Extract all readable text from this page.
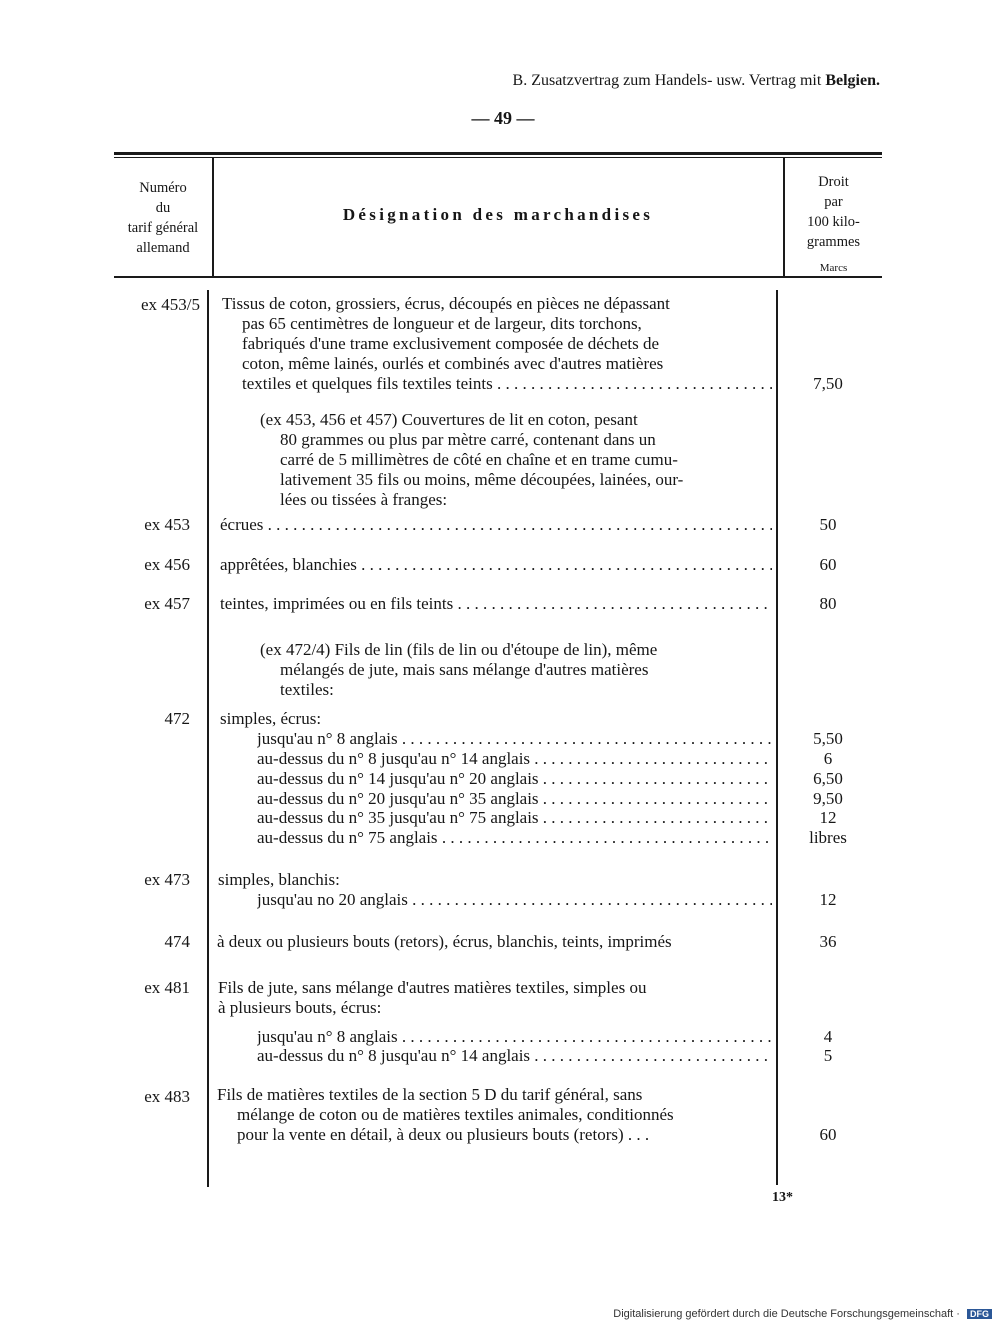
B. Zusatzvertrag zum Handels- usw. Vertrag mit Belgien.
— 49 —
Numéro
du
tarif général
allemand
Désignation des marchandises
Droit
par
100 kilo-
grammes
Marcs
ex 453/5 Tissus de coton, grossiers, écrus, découpés en pièces ne dépassant
pas 65 centimètres de longueur et de largeur, dits torchons,
fabriqués d'une trame exclusivement composée de déchets de
coton, même lainés, ourlés et combinés avec d'autres matières
textiles et quelques fils textiles teints . . .	7,50
(ex 453, 456 et 457) Couvertures de lit en coton, pesant
80 grammes ou plus par mètre carré, contenant dans un
carré de 5 millimètres de côté en chaîne et en trame cumu-
lativement 35 fils ou moins, même découpées, lainées, our-
lées ou tissées à franges:
ex 453 écrues . . .	50
ex 456 apprêtées, blanchies . . .	60
ex 457 teintes, imprimées ou en fils teints . . .	80
(ex 472/4) Fils de lin (fils de lin ou d'étoupe de lin), même
mélangés de jute, mais sans mélange d'autres matières
textiles:
472 simples, écrus:
jusqu'au n° 8 anglais . . .	5,50
au-dessus du n° 8 jusqu'au n° 14 anglais . . .	6
au-dessus du n° 14 jusqu'au n° 20 anglais . . .	6,50
au-dessus du n° 20 jusqu'au n° 35 anglais . . .	9,50
au-dessus du n° 35 jusqu'au n° 75 anglais . . .	12
au-dessus du n° 75 anglais . . .	libres
ex 473 simples, blanchis:
jusqu'au no 20 anglais . . .	12
474 à deux ou plusieurs bouts (retors), écrus, blanchis, teints, imprimés	36
ex 481 Fils de jute, sans mélange d'autres matières textiles, simples ou
à plusieurs bouts, écrus:
jusqu'au n° 8 anglais . . .	4
au-dessus du n° 8 jusqu'au n° 14 anglais . . .	5
ex 483 Fils de matières textiles de la section 5 D du tarif général, sans
mélange de coton ou de matières textiles animales, conditionnés
pour la vente en détail, à deux ou plusieurs bouts (retors) . . .	60
13*
Digitalisierung gefördert durch die Deutsche Forschungsgemeinschaft · DFG
